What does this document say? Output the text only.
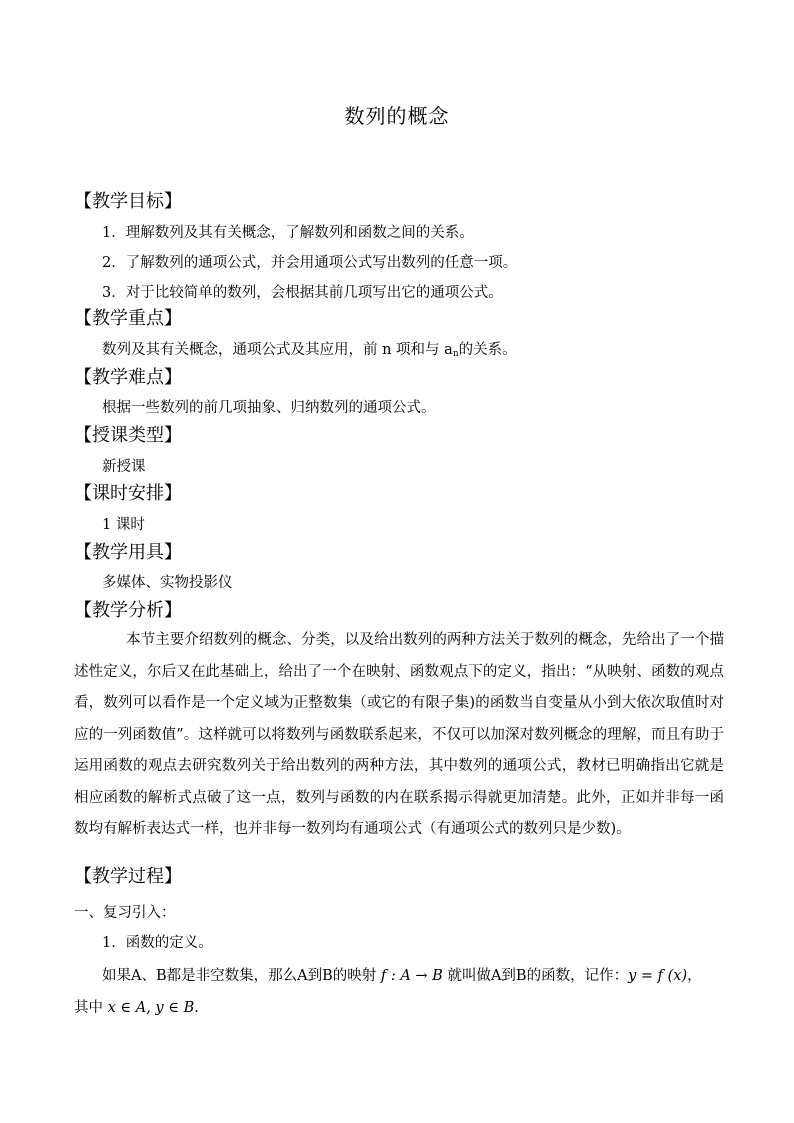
数列的概念
【教学目标】
1．理解数列及其有关概念，了解数列和函数之间的关系。
2．了解数列的通项公式，并会用通项公式写出数列的任意一项。
3．对于比较简单的数列，会根据其前几项写出它的通项公式。
【教学重点】
数列及其有关概念，通项公式及其应用，前 n 项和与 $a_n$的关系。
【教学难点】
根据一些数列的前几项抽象、归纳数列的通项公式。
【授课类型】
新授课
【课时安排】
1 课时
【教学用具】
多媒体、实物投影仪
【教学分析】
本节主要介绍数列的概念、分类，以及给出数列的两种方法关于数列的概念，先给出了一个描述性定义，尔后又在此基础上，给出了一个在映射、函数观点下的定义，指出：“从映射、函数的观点看，数列可以看作是一个定义域为正整数集（或它的有限子集)的函数当自变量从小到大依次取值时对应的一列函数值”。这样就可以将数列与函数联系起来，不仅可以加深对数列概念的理解，而且有助于运用函数的观点去研究数列关于给出数列的两种方法，其中数列的通项公式，教材已明确指出它就是相应函数的解析式点破了这一点，数列与函数的内在联系揭示得就更加清楚。此外，正如并非每一函数均有解析表达式一样，也并非每一数列均有通项公式（有通项公式的数列只是少数)。
【教学过程】
一、复习引入：
1．函数的定义。
如果A、B都是非空数集，那么A到B的映射 f : A → B 就叫做A到B的函数，记作：y = f (x)，
其中 x ∈ A, y ∈ B.
